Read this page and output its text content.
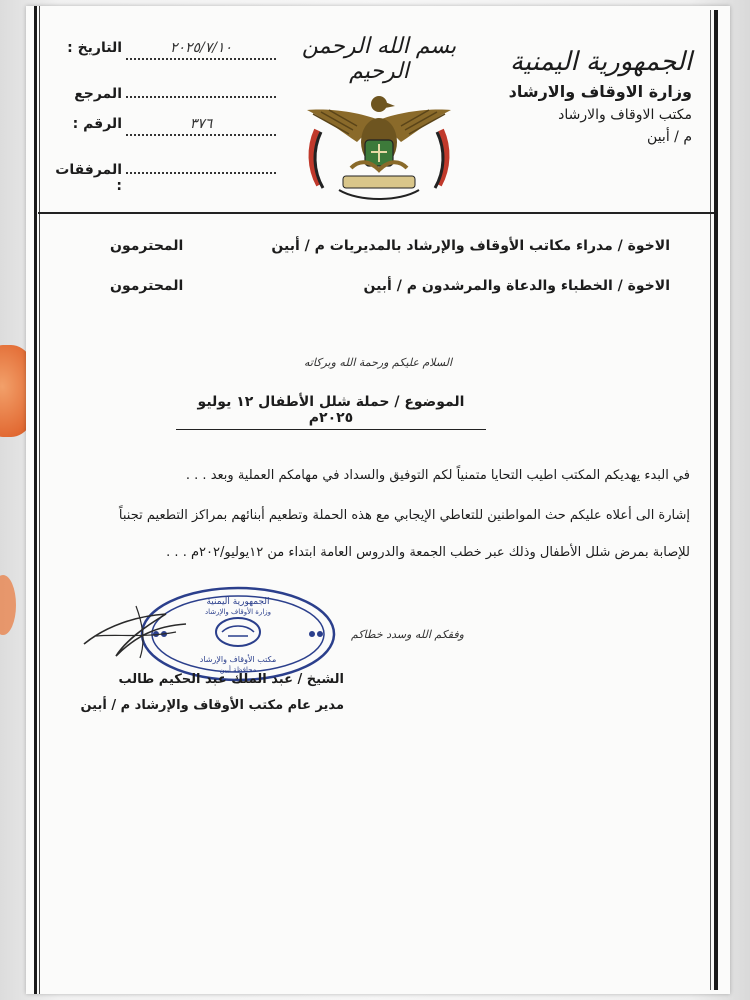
الجمهورية اليمنية
وزارة الاوقاف والارشاد
مكتب الاوقاف والارشاد
م / أبين
بسم الله الرحمن الرحيم
التاريخ :	٢٠٢٥/٧/١٠
المرجع
الرقم :	٣٧٦
المرفقات :
الاخوة / مدراء مكاتب الأوقاف والإرشاد بالمديريات م / أبين
المحترمون
الاخوة / الخطباء والدعاة والمرشدون م / أبين
المحترمون
السلام عليكم ورحمة الله وبركاته
الموضوع / حملة شلل الأطفال ١٢ يوليو ٢٠٢٥م
في البدء يهديكم المكتب اطيب التحايا متمنياً لكم التوفيق والسداد في مهامكم العملية وبعد . . .
إشارة الى أعلاه عليكم حث المواطنين للتعاطي الإيجابي مع هذه الحملة وتطعيم أبنائهم بمراكز التطعيم تجنباً
للإصابة بمرض شلل الأطفال وذلك عبر خطب الجمعة والدروس العامة ابتداء من ١٢يوليو/٢٠٢م . . .
وفقكم الله وسدد خطاكم
الجمهورية اليمنية
وزارة الأوقاف والإرشاد
مكتب الأوقاف والإرشاد
محافظة أبين
الشيخ / عبد الملك عبد الحكيم طالب
مدير عام مكتب الأوقاف والإرشاد م / أبين
